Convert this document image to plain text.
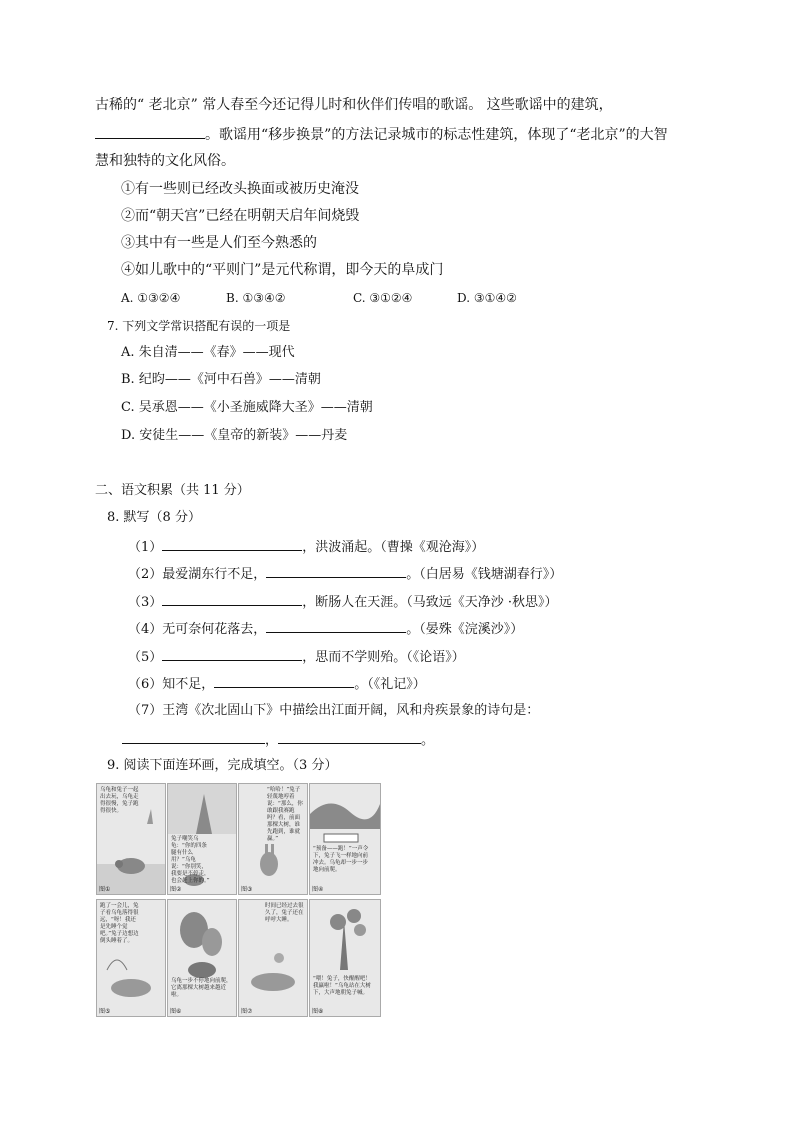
古稀的“ 老北京” 常人春至今还记得儿时和伙伴们传唱的歌谣。 这些歌谣中的建筑，
。歌谣用“移步换景”的方法记录城市的标志性建筑，体现了“老北京”的大智
慧和独特的文化风俗。
①有一些则已经改头换面或被历史淹没
②而“朝天宫”已经在明朝天启年间烧毁
③其中有一些是人们至今熟悉的
④如儿歌中的“平则门”是元代称谓，即今天的阜成门
A. ①③②④	B. ①③④②	C. ③①②④	D. ③①④②
7. 下列文学常识搭配有误的一项是
A. 朱自清——《春》——现代
B. 纪昀——《河中石兽》——清朝
C. 吴承恩——《小圣施威降大圣》——清朝
D. 安徒生——《皇帝的新装》——丹麦
二、语文积累（共 11 分）
8. 默写（8 分）
（1）	，洪波涌起。（曹操《观沧海》）
（2）最爱湖东行不足，	。（白居易《钱塘湖春行》）
（3）	，断肠人在天涯。（马致远《天净沙 ·秋思》）
（4）无可奈何花落去，	。（晏殊《浣溪沙》）
（5）	，思而不学则殆。（《论语》）
（6）知不足，	。（《礼记》）
（7）王湾《次北固山下》中描绘出江面开阔，风和舟疾景象的诗句是：
，	。
9. 阅读下面连环画，完成填空。（3 分）
乌龟和兔子一起出去玩，乌龟走得很慢，兔子跑得很快。
图①
兔子嘲笑乌龟：“你的四条腿有什么用？”乌龟说：“你别笑，我要是不停走，也会赶上你的。”
图②
“哈哈！”兔子轻蔑地哼着说：“那么，你敢跟我赛跑吗？看，前面那棵大树，谁先跑到，谁就赢。”
图③
“预备——跑！”一声令下，兔子飞一样地向前冲去。乌龟却一步一步地向前爬。
图④
跑了一会儿，兔子看乌龟落得很远，“呀！我还是先睡个觉吧。”兔子边想边倒头睡着了。
图⑤
乌龟一步不停地向前爬，它离那棵大树越来越近啦。
图⑥
时间已经过去很久了，兔子还在呼呼大睡。
图⑦
“喂！兔子，快醒醒吧！我赢啦！”乌龟站在大树下，大声地朝兔子喊。
图⑧
